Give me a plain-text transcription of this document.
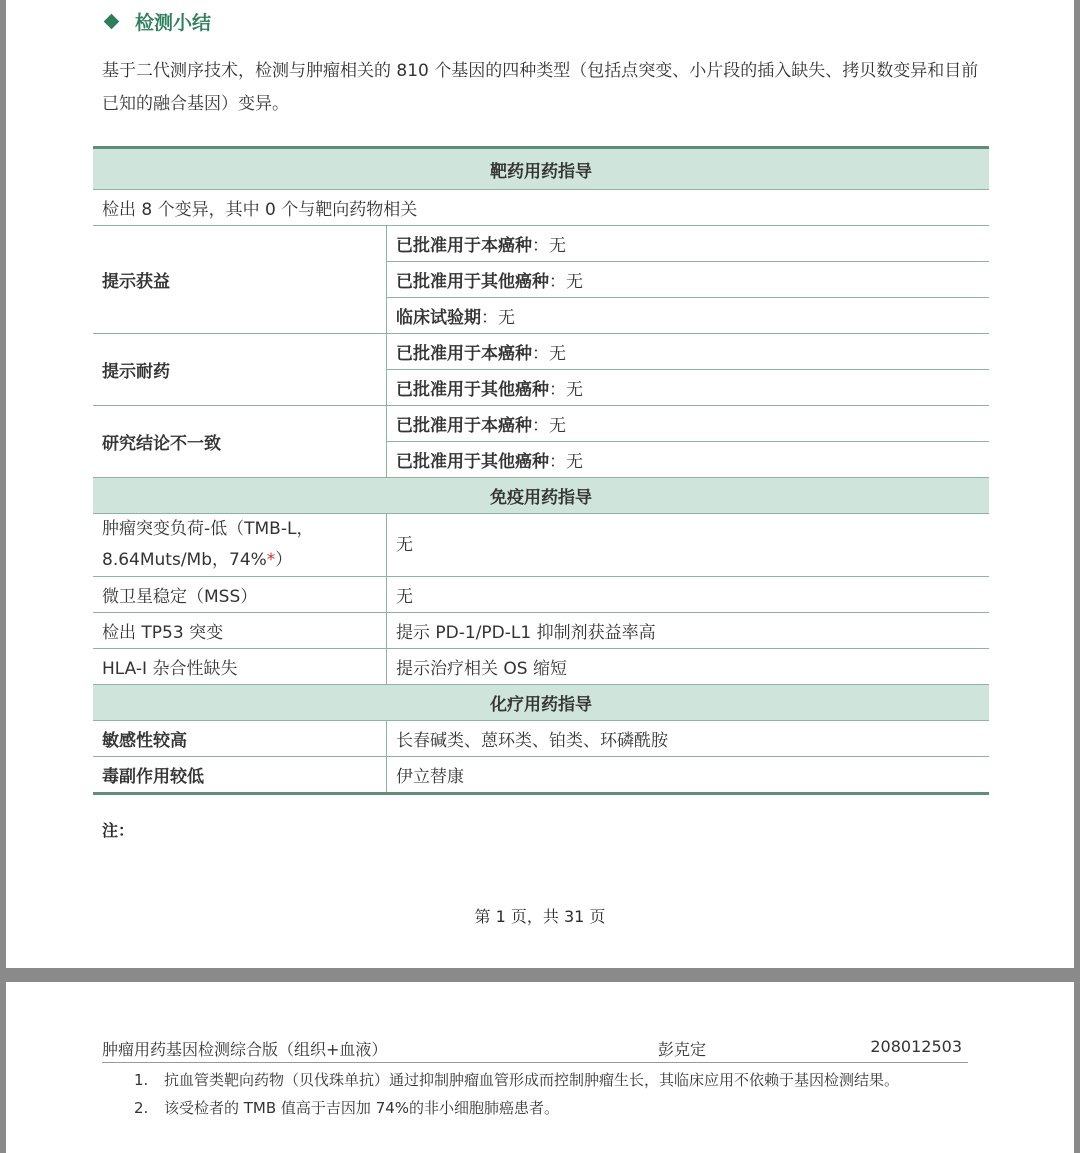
检测小结
基于二代测序技术，检测与肿瘤相关的 810 个基因的四种类型（包括点突变、小片段的插入缺失、拷贝数变异和目前已知的融合基因）变异。
靶药用药指导	
检出 8 个变异，其中 0 个与靶向药物相关	
提示获益	已批准用于本癌种：无
	已批准用于其他癌种：无
	临床试验期：无
提示耐药	已批准用于本癌种：无
	已批准用于其他癌种：无
研究结论不一致	已批准用于本癌种：无
	已批准用于其他癌种：无
免疫用药指导	
肿瘤突变负荷-低（TMB-L，
8.64Muts/Mb，74%*）	无
微卫星稳定（MSS）	无
检出 TP53 突变	提示 PD-1/PD-L1 抑制剂获益率高
HLA-I 杂合性缺失	提示治疗相关 OS 缩短
化疗用药指导	
敏感性较高	长春碱类、蒽环类、铂类、环磷酰胺
毒副作用较低	伊立替康
注：
第 1 页，共 31 页
肿瘤用药基因检测综合版（组织+血液）	彭克定	208012503
1. 抗血管类靶向药物（贝伐珠单抗）通过抑制肿瘤血管形成而控制肿瘤生长，其临床应用不依赖于基因检测结果。
2. 该受检者的 TMB 值高于吉因加 74%的非小细胞肺癌患者。
